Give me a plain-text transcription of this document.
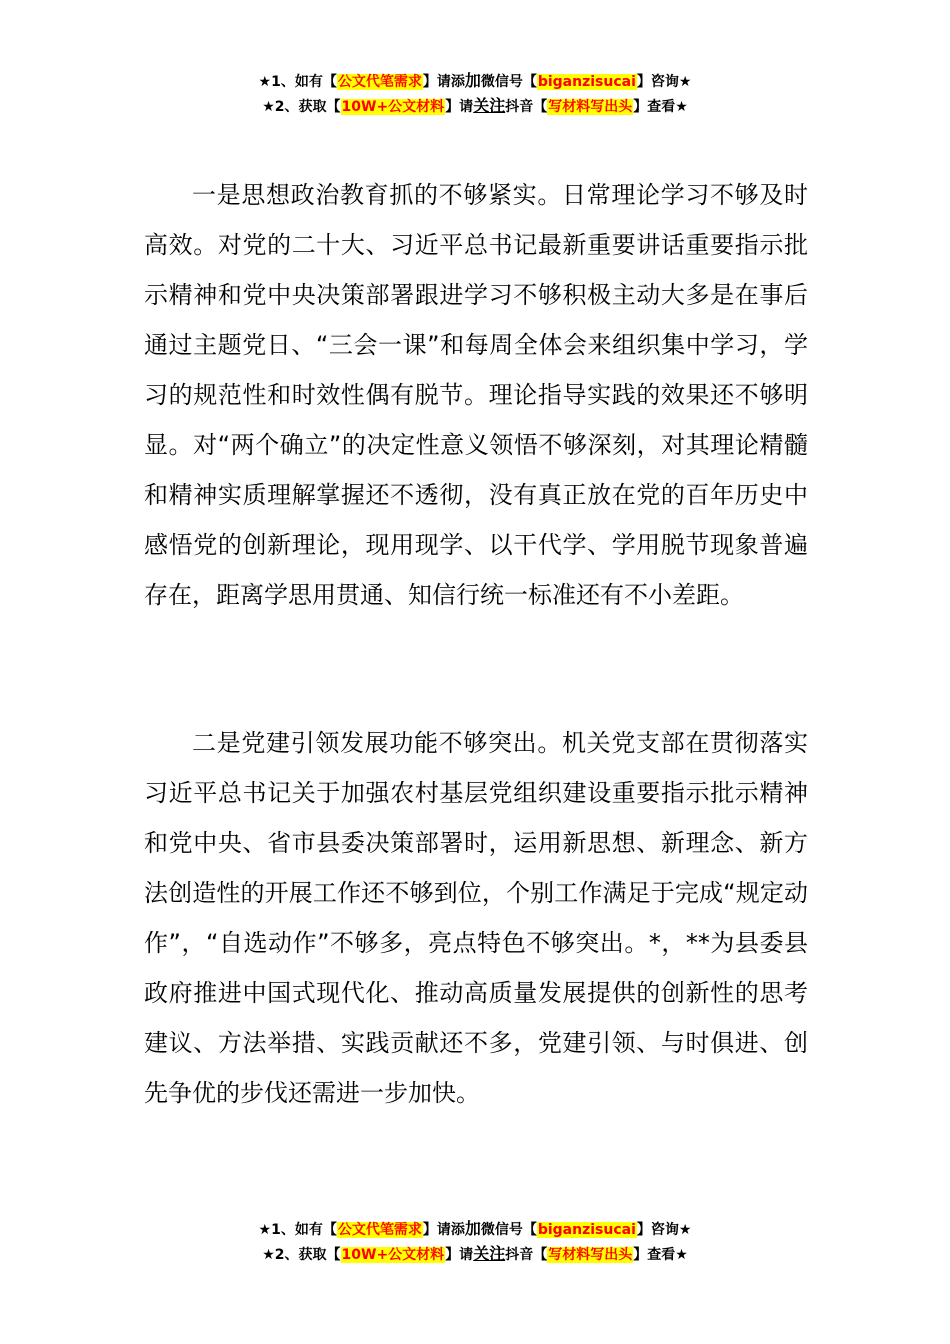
★1、如有【公文代笔需求】请添加微信号【biganzisucai】咨询★
★2、获取【10W+公文材料】请关注抖音【写材料写出头】查看★

一是思想政治教育抓的不够紧实。日常理论学习不够及时高效。对党的二十大、习近平总书记最新重要讲话重要指示批示精神和党中央决策部署跟进学习不够积极主动大多是在事后通过主题党日、“三会一课”和每周全体会来组织集中学习，学习的规范性和时效性偶有脱节。理论指导实践的效果还不够明显。对“两个确立”的决定性意义领悟不够深刻，对其理论精髓和精神实质理解掌握还不透彻，没有真正放在党的百年历史中感悟党的创新理论，现用现学、以干代学、学用脱节现象普遍存在，距离学思用贯通、知信行统一标准还有不小差距。

二是党建引领发展功能不够突出。机关党支部在贯彻落实习近平总书记关于加强农村基层党组织建设重要指示批示精神和党中央、省市县委决策部署时，运用新思想、新理念、新方法创造性的开展工作还不够到位，个别工作满足于完成“规定动作”，“自选动作”不够多，亮点特色不够突出。*，**为县委县政府推进中国式现代化、推动高质量发展提供的创新性的思考建议、方法举措、实践贡献还不多，党建引领、与时俱进、创先争优的步伐还需进一步加快。

★1、如有【公文代笔需求】请添加微信号【biganzisucai】咨询★
★2、获取【10W+公文材料】请关注抖音【写材料写出头】查看★
